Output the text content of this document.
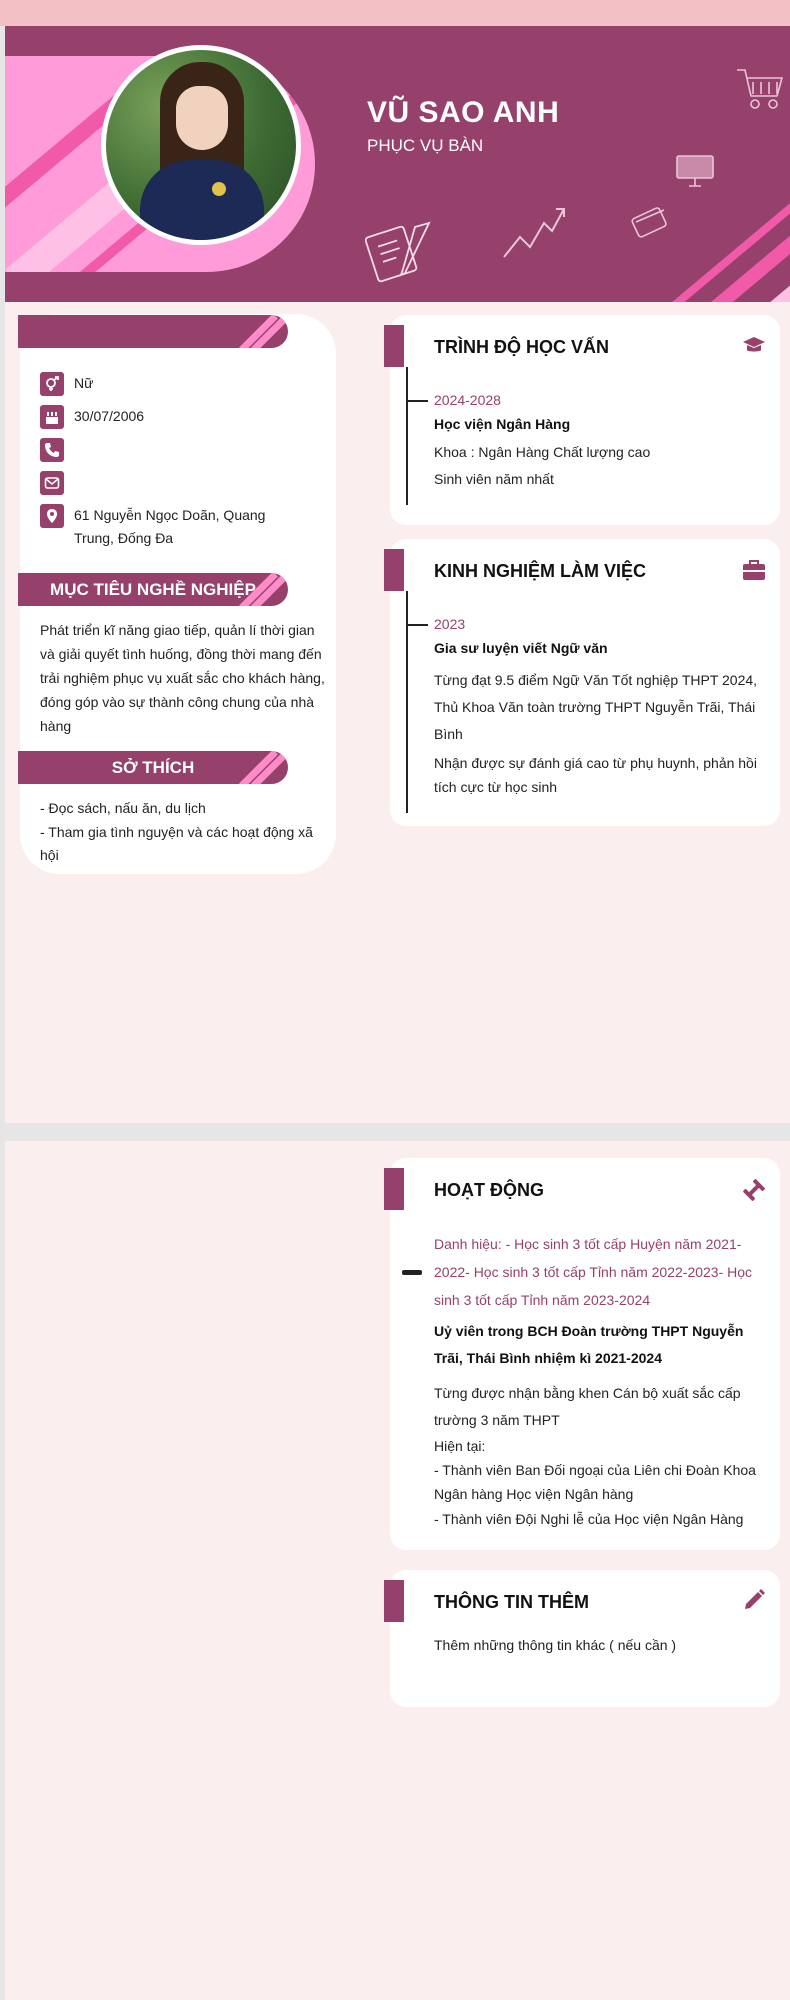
VŨ SAO ANH
PHỤC VỤ BÀN
Nữ
30/07/2006
61 Nguyễn Ngọc Doãn, Quang Trung, Đống Đa
MỤC TIÊU NGHỀ NGHIỆP
Phát triển kĩ năng giao tiếp, quản lí thời gian và giải quyết tình huống, đồng thời mang đến trải nghiệm phục vụ xuất sắc cho khách hàng, đóng góp vào sự thành công chung của nhà hàng
SỞ THÍCH
- Đọc sách, nấu ăn, du lịch
- Tham gia tình nguyện và các hoạt động xã hội
TRÌNH ĐỘ HỌC VẤN
2024-2028
Học viện Ngân Hàng
Khoa : Ngân Hàng Chất lượng cao
Sinh viên năm nhất
KINH NGHIỆM LÀM VIỆC
2023
Gia sư luyện viết Ngữ văn
Từng đạt 9.5 điểm Ngữ Văn Tốt nghiệp THPT 2024, Thủ Khoa Văn toàn trường THPT Nguyễn Trãi, Thái Bình
Nhận được sự đánh giá cao từ phụ huynh, phản hồi tích cực từ học sinh
HOẠT ĐỘNG
Danh hiệu: - Học sinh 3 tốt cấp Huyện năm 2021-2022- Học sinh 3 tốt cấp Tỉnh năm 2022-2023- Học sinh 3 tốt cấp Tỉnh năm 2023-2024
Uỷ viên trong BCH Đoàn trường THPT Nguyễn Trãi, Thái Bình nhiệm kì 2021-2024
Từng được nhận bằng khen Cán bộ xuất sắc cấp trường 3 năm THPT
Hiện tại:
- Thành viên Ban Đối ngoại của Liên chi Đoàn Khoa Ngân hàng Học viện Ngân hàng
- Thành viên Đội Nghi lễ của Học viện Ngân Hàng
THÔNG TIN THÊM
Thêm những thông tin khác ( nếu cần )
